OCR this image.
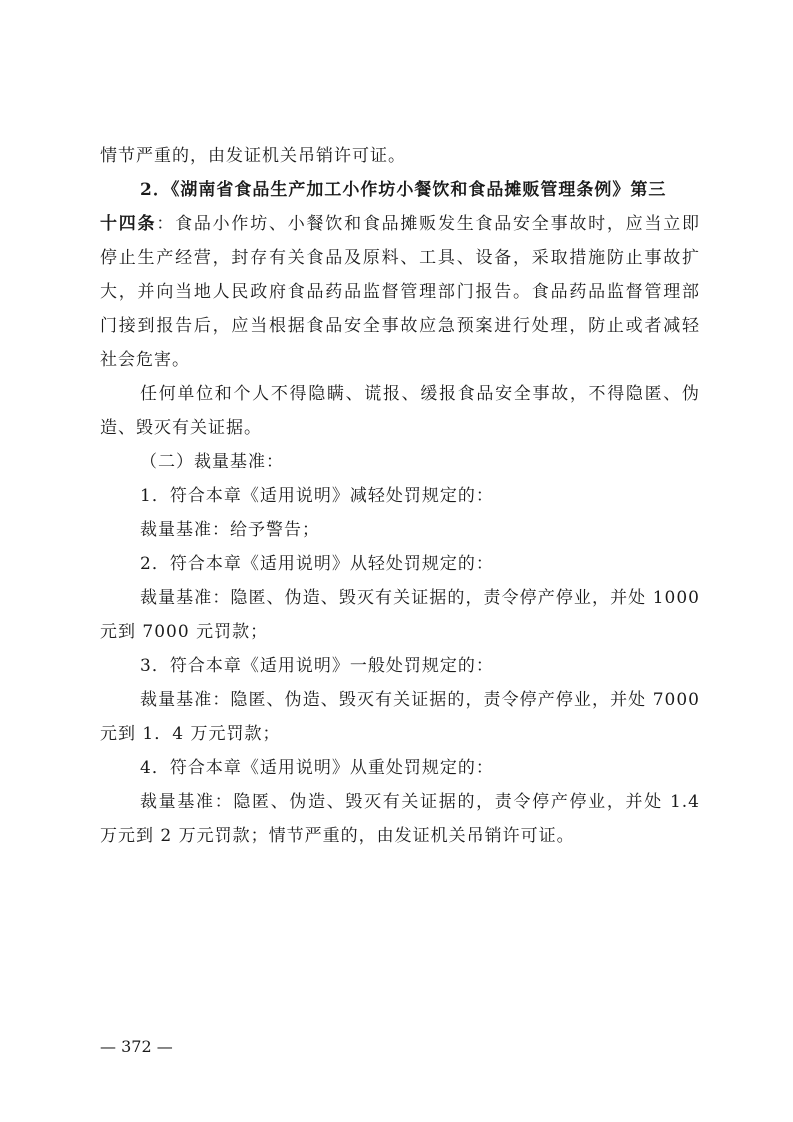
情节严重的，由发证机关吊销许可证。
2．《湖南省食品生产加工小作坊小餐饮和食品摊贩管理条例》第三
十四条：食品小作坊、小餐饮和食品摊贩发生食品安全事故时，应当立即
停止生产经营，封存有关食品及原料、工具、设备，采取措施防止事故扩
大，并向当地人民政府食品药品监督管理部门报告。食品药品监督管理部
门接到报告后，应当根据食品安全事故应急预案进行处理，防止或者减轻
社会危害。
任何单位和个人不得隐瞒、谎报、缓报食品安全事故，不得隐匿、伪
造、毁灭有关证据。
（二）裁量基准：
1．符合本章《适用说明》减轻处罚规定的：
裁量基准：给予警告；
2．符合本章《适用说明》从轻处罚规定的：
裁量基准：隐匿、伪造、毁灭有关证据的，责令停产停业，并处 1000
元到 7000 元罚款；
3．符合本章《适用说明》一般处罚规定的：
裁量基准：隐匿、伪造、毁灭有关证据的，责令停产停业，并处 7000
元到 1．4 万元罚款；
4．符合本章《适用说明》从重处罚规定的：
裁量基准：隐匿、伪造、毁灭有关证据的，责令停产停业，并处 1.4
万元到 2 万元罚款；情节严重的，由发证机关吊销许可证。
— 372 —
